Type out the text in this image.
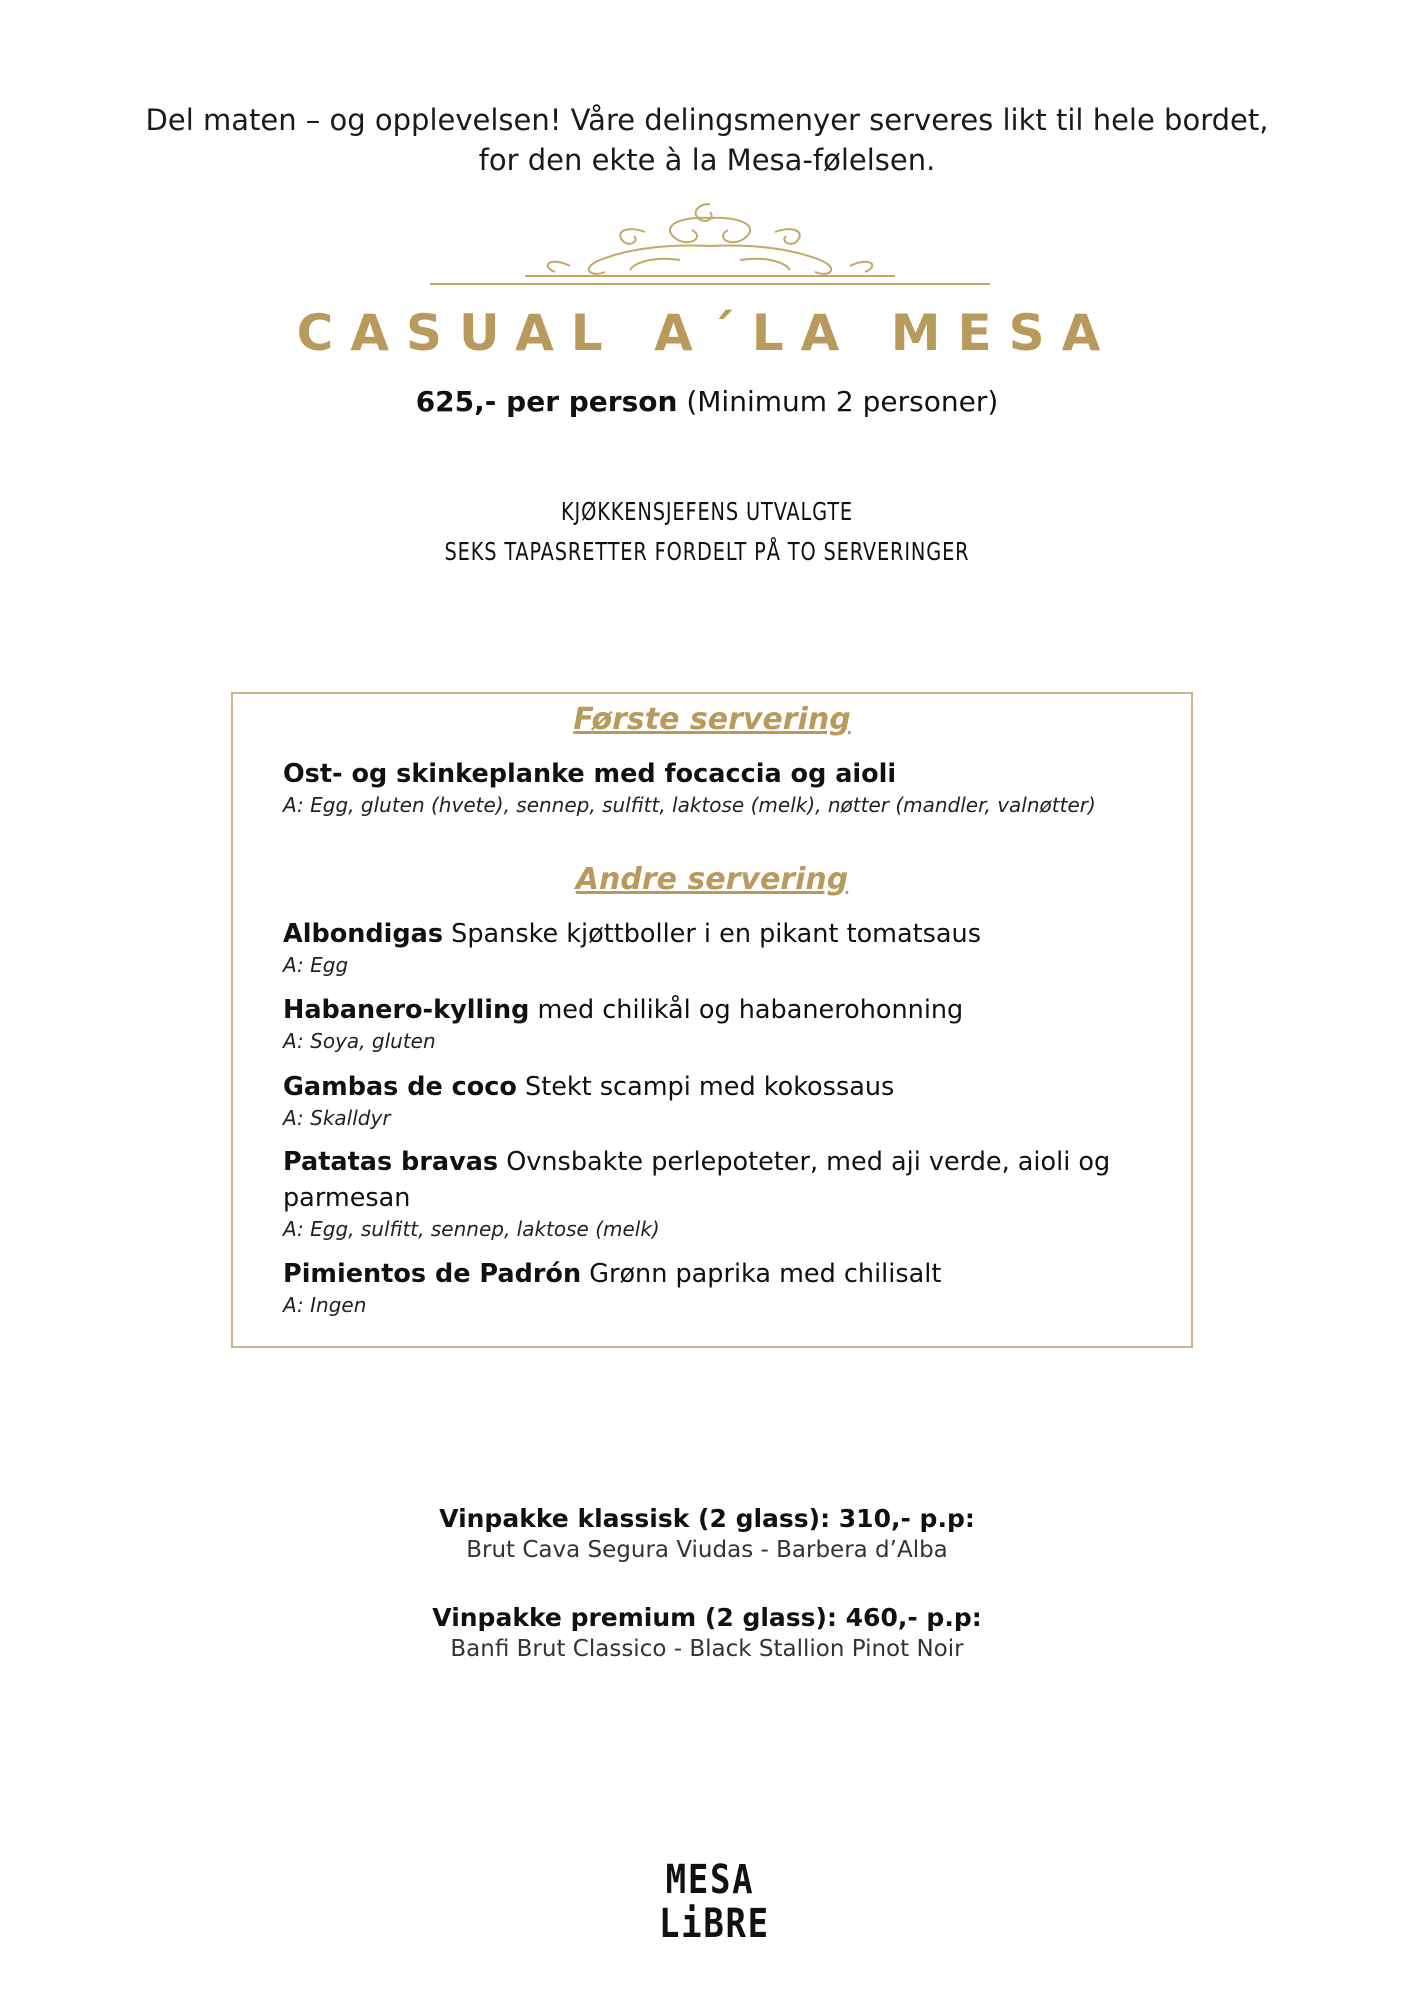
Del maten – og opplevelsen! Våre delingsmenyer serveres likt til hele bordet,
for den ekte à la Mesa-følelsen.
CASUAL A´LA MESA
625,- per person (Minimum 2 personer)
KJØKKENSJEFENS UTVALGTE
SEKS TAPASRETTER FORDELT PÅ TO SERVERINGER
Første servering
Ost- og skinkeplanke med focaccia og aioli
A: Egg, gluten (hvete), sennep, sulfitt, laktose (melk), nøtter (mandler, valnøtter)
Andre servering
Albondigas Spanske kjøttboller i en pikant tomatsaus
A: Egg
Habanero-kylling med chilikål og habanerohonning
A: Soya, gluten
Gambas de coco Stekt scampi med kokossaus
A: Skalldyr
Patatas bravas Ovnsbakte perlepoteter, med aji verde, aioli og parmesan
A: Egg, sulfitt, sennep, laktose (melk)
Pimientos de Padrón Grønn paprika med chilisalt
A: Ingen
Vinpakke klassisk (2 glass): 310,- p.p:
Brut Cava Segura Viudas - Barbera d’Alba
Vinpakke premium (2 glass): 460,- p.p:
Banfi Brut Classico - Black Stallion Pinot Noir
MESA
LiBRE
